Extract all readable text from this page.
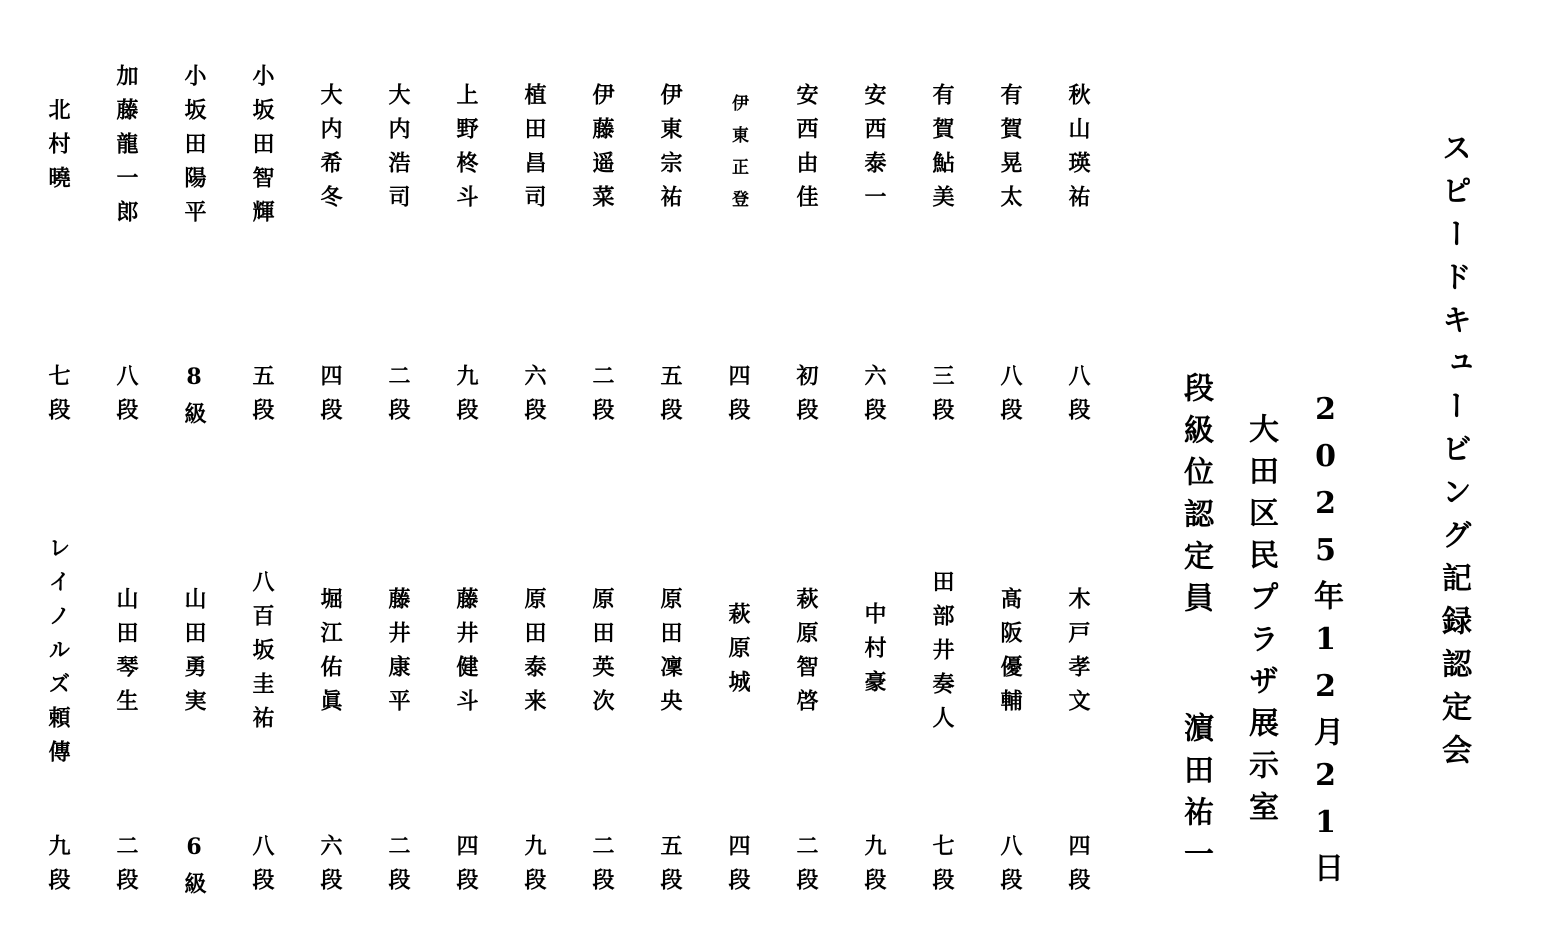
スピードキュービング記録認定会
2025年12月21日
大田区民プラザ展示室
段級位認定員
濵田祐一
秋山瑛祐
八段
木戸孝文
四段
有賀晃太
八段
髙阪優輔
八段
有賀鮎美
三段
田部井奏人
七段
安西泰一
六段
中村豪
九段
安西由佳
初段
萩原智啓
二段
伊東正登
四段
萩原城
四段
伊東宗祐
五段
原田凜央
五段
伊藤遥菜
二段
原田英次
二段
植田昌司
六段
原田泰来
九段
上野柊斗
九段
藤井健斗
四段
大内浩司
二段
藤井康平
二段
大内希冬
四段
堀江佑眞
六段
小坂田智輝
五段
八百坂圭祐
八段
小坂田陽平
8級
山田勇実
6級
加藤龍一郎
八段
山田琴生
二段
北村曉
七段
レイノルズ頼傳
九段
